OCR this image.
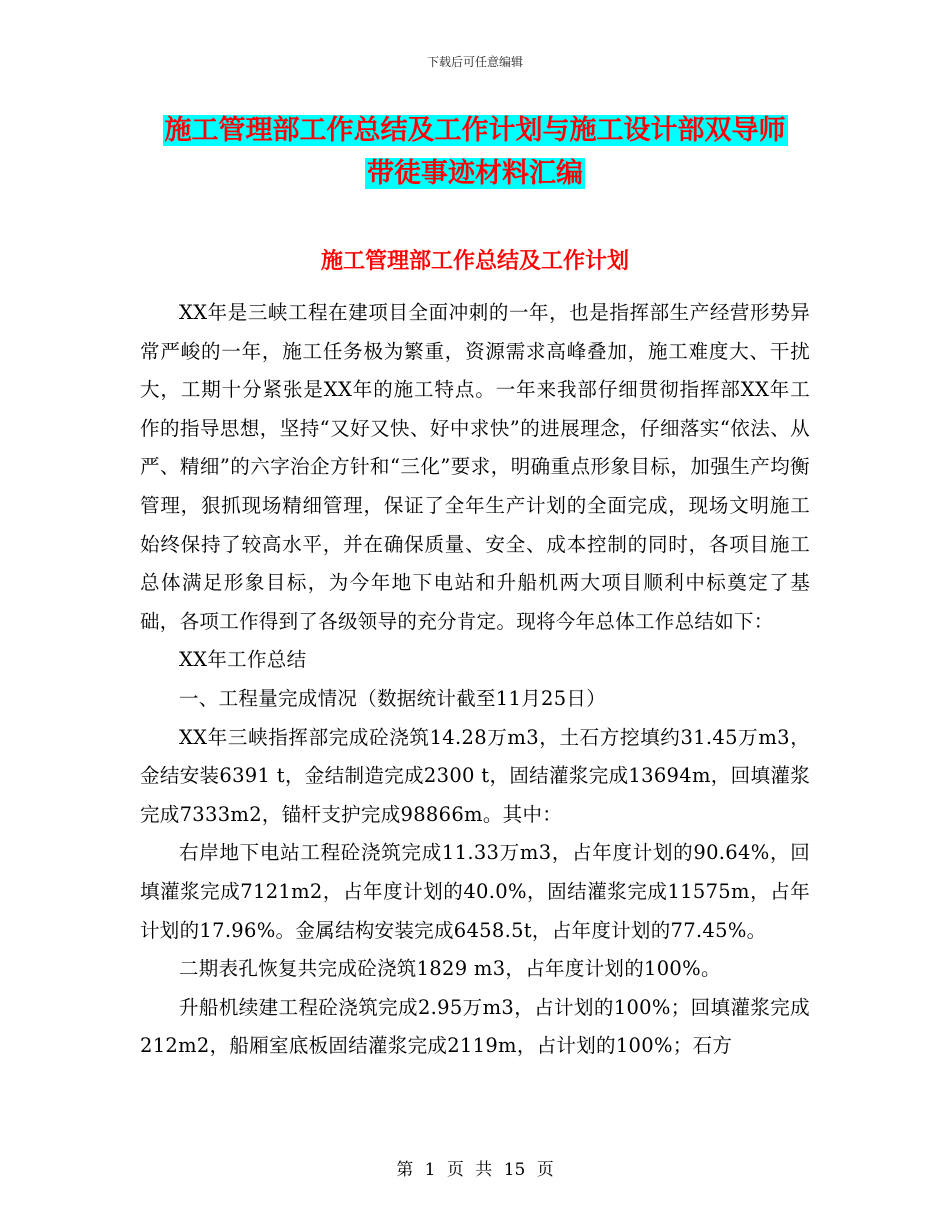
下载后可任意编辑
施工管理部工作总结及工作计划与施工设计部双导师
带徒事迹材料汇编
施工管理部工作总结及工作计划

XX年是三峡工程在建项目全面冲刺的一年，也是指挥部生产经营形势异常严峻的一年，施工任务极为繁重，资源需求高峰叠加，施工难度大、干扰大，工期十分紧张是XX年的施工特点。一年来我部仔细贯彻指挥部XX年工作的指导思想，坚持“又好又快、好中求快”的进展理念，仔细落实“依法、从严、精细”的六字治企方针和“三化”要求，明确重点形象目标，加强生产均衡管理，狠抓现场精细管理，保证了全年生产计划的全面完成，现场文明施工始终保持了较高水平，并在确保质量、安全、成本控制的同时，各项目施工总体满足形象目标，为今年地下电站和升船机两大项目顺利中标奠定了基础，各项工作得到了各级领导的充分肯定。现将今年总体工作总结如下：

XX年工作总结

一、工程量完成情况（数据统计截至11月25日）

XX年三峡指挥部完成砼浇筑14.28万m3，土石方挖填约31.45万m3，金结安装6391 t，金结制造完成2300 t，固结灌浆完成13694m，回填灌浆完成7333m2，锚杆支护完成98866m。其中：

右岸地下电站工程砼浇筑完成11.33万m3，占年度计划的90.64%，回填灌浆完成7121m2，占年度计划的40.0%，固结灌浆完成11575m，占年计划的17.96%。金属结构安装完成6458.5t，占年度计划的77.45%。

二期表孔恢复共完成砼浇筑1829 m3，占年度计划的100%。

升船机续建工程砼浇筑完成2.95万m3，占计划的100%；回填灌浆完成212m2，船厢室底板固结灌浆完成2119m，占计划的100%；石方

第 1 页 共 15 页
